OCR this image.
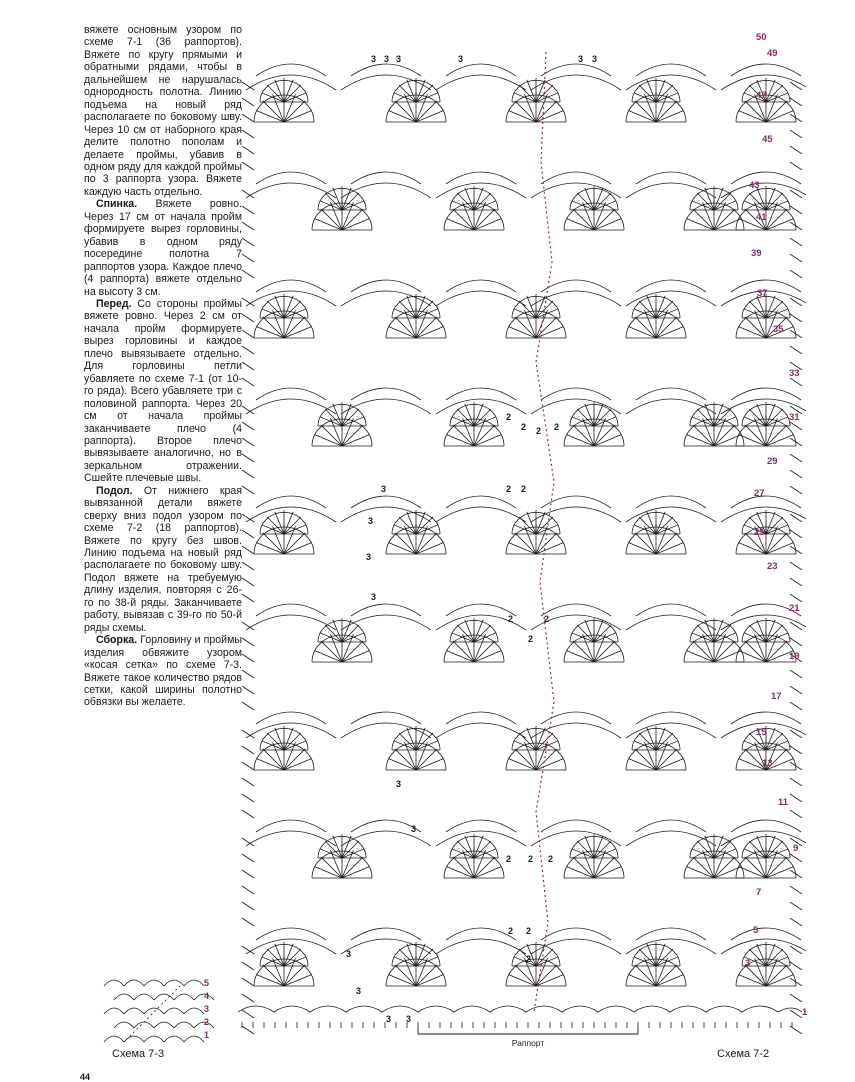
вяжете основным узором по схеме 7-1 (36 раппортов). Вяжете по кругу прямыми и обратными рядами, чтобы в дальнейшем не нарушалась однородность полотна. Линию подъема на новый ряд располагаете по боковому шву. Через 10 см от наборного края делите полотно пополам и делаете проймы, убавив в одном ряду для каждой проймы по 3 раппорта узора. Вяжете каждую часть отдельно.

Спинка. Вяжете ровно. Через 17 см от начала пройм формируете вырез горловины, убавив в одном ряду посередине полотна 7 раппортов узора. Каждое плечо (4 раппорта) вяжете отдельно на высоту 3 см.

Перед. Со стороны проймы вяжете ровно. Через 2 см от начала пройм формируете вырез горловины и каждое плечо вывязываете отдельно. Для горловины петли убавляете по схеме 7-1 (от 10-го ряда). Всего убавляете три с половиной раппорта. Через 20 см от начала проймы заканчиваете плечо (4 раппорта). Второе плечо вывязываете аналогично, но в зеркальном отражении. Сшейте плечевые швы.

Подол. От нижнего края вывязанной детали вяжете сверху вниз подол узором по схеме 7-2 (18 раппортов). Вяжете по кругу без швов. Линию подъема на новый ряд располагаете по боковому шву. Подол вяжете на требуемую длину изделия, повторяя с 26-го по 38-й ряды. Заканчиваете работу, вывязав с 39-го по 50-й ряды схемы.

Сборка. Горловину и проймы изделия обвяжите узором «косая сетка» по схеме 7-3. Вяжете такое количество рядов сетки, какой ширины полотно обвязки вы желаете.

3 3 3	3	3 3
3
3
3
3
2
2 2 2
2 2
2
2
2
3
3
2 2 2
2 2
3
3
3 3
2
Раппорт
50
49
47
45
43
41
39
37
35
33
31
29
27
25
23
21
19
17
15
13
11
9
7
5
3
1
5
4
3
2
1
Схема 7-3	Схема 7-2
44
